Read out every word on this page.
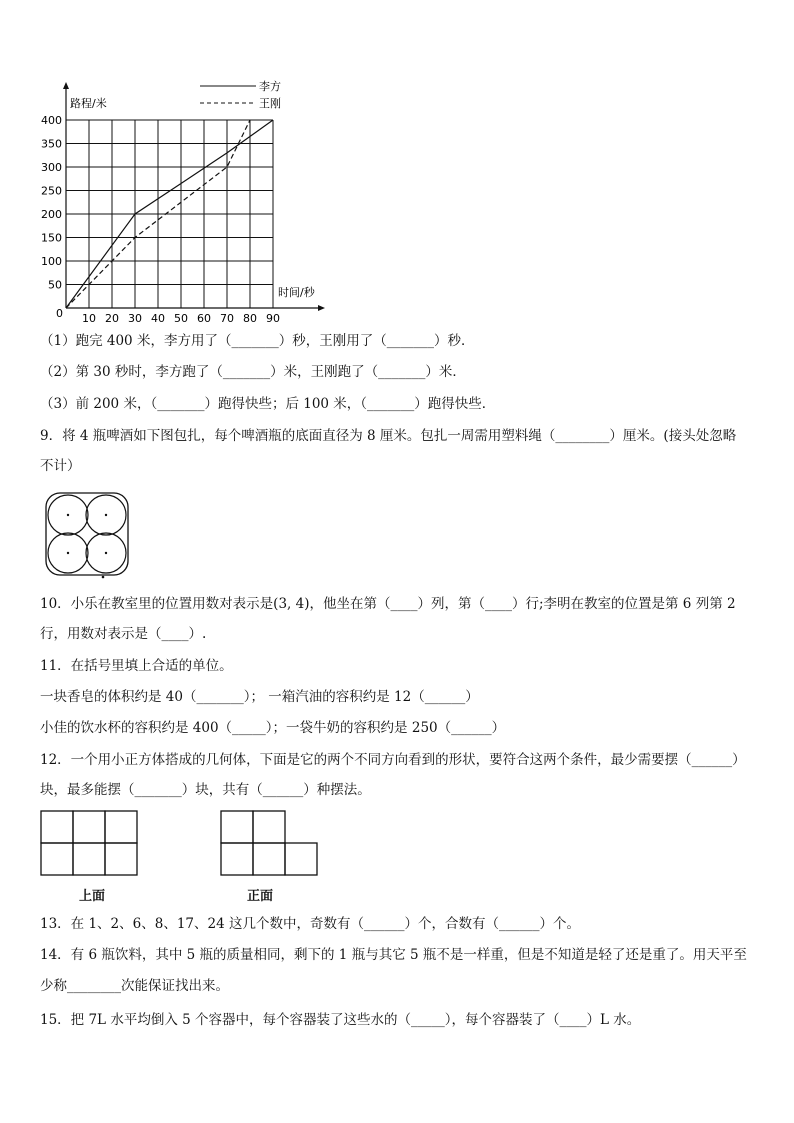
10 20 30 40 50 60 70 80 90
50
100
150
200
250
300
350
400
李方
王刚
路程/米
时间/秒
0
（1）跑完 400 米，李方用了（_______）秒，王刚用了（_______）秒．
（2）第 30 秒时，李方跑了（_______）米，王刚跑了（_______）米．
（3）前 200 米，（_______）跑得快些；后 100 米，（_______）跑得快些．
9．将 4 瓶啤酒如下图包扎，每个啤酒瓶的底面直径为 8 厘米。包扎一周需用塑料绳（________）厘米。(接头处忽略
不计）
10．小乐在教室里的位置用数对表示是(3, 4)，他坐在第（____）列，第（____）行;李明在教室的位置是第 6 列第 2
行，用数对表示是（____）.
11．在括号里填上合适的单位。
一块香皂的体积约是 40（_______）； 一箱汽油的容积约是 12（______）
小佳的饮水杯的容积约是 400（_____）；一袋牛奶的容积约是 250（______）
12．一个用小正方体搭成的几何体，下面是它的两个不同方向看到的形状，要符合这两个条件，最少需要摆（______）
块，最多能摆（_______）块，共有（______）种摆法。
上面	正面
13．在 1、2、6、8、17、24 这几个数中，奇数有（______）个，合数有（______）个。
14．有 6 瓶饮料，其中 5 瓶的质量相同，剩下的 1 瓶与其它 5 瓶不是一样重，但是不知道是轻了还是重了。用天平至
少称________次能保证找出来。
15．把 7L 水平均倒入 5 个容器中，每个容器装了这些水的（_____），每个容器装了（____）L 水。
